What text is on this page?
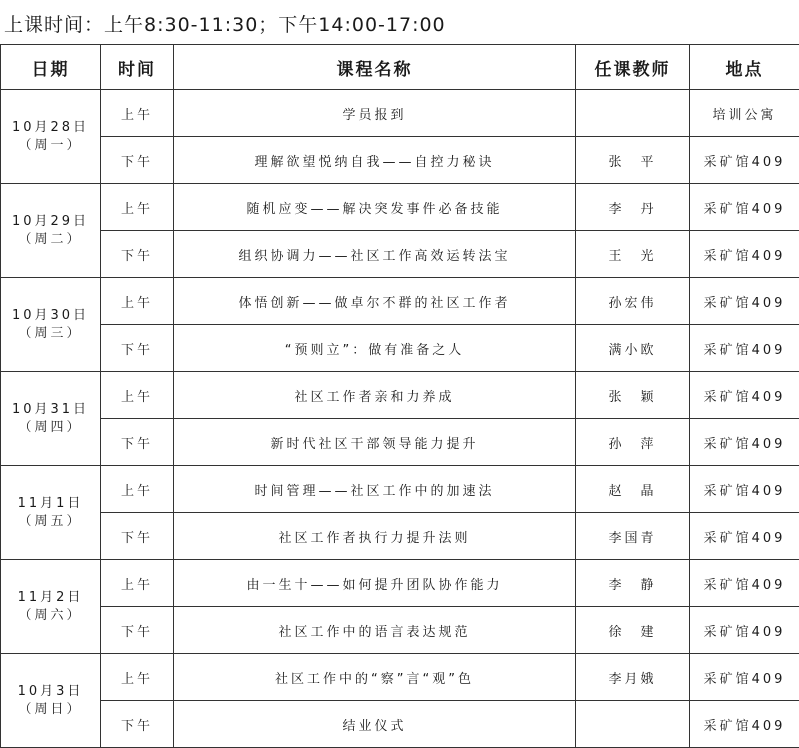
上课时间：上午8:30-11:30；下午14:00-17:00
日期	时间	课程名称	任课教师	地点

10月28日
（周一）	上午	学员报到		培训公寓
	下午	理解欲望悦纳自我——自控力秘诀	张　平	采矿馆409

10月29日
（周二）	上午	随机应变——解决突发事件必备技能	李　丹	采矿馆409
	下午	组织协调力——社区工作高效运转法宝	王　光	采矿馆409

10月30日
（周三）	上午	体悟创新——做卓尔不群的社区工作者	孙宏伟	采矿馆409
	下午	“预则立”：做有准备之人	满小欧	采矿馆409

10月31日
（周四）	上午	社区工作者亲和力养成	张　颖	采矿馆409
	下午	新时代社区干部领导能力提升	孙　萍	采矿馆409

11月1日
（周五）	上午	时间管理——社区工作中的加速法	赵　晶	采矿馆409
	下午	社区工作者执行力提升法则	李国青	采矿馆409

11月2日
（周六）	上午	由一生十——如何提升团队协作能力	李　静	采矿馆409
	下午	社区工作中的语言表达规范	徐　建	采矿馆409

10月3日
（周日）	上午	社区工作中的“察”言“观”色	李月娥	采矿馆409
	下午	结业仪式		采矿馆409
